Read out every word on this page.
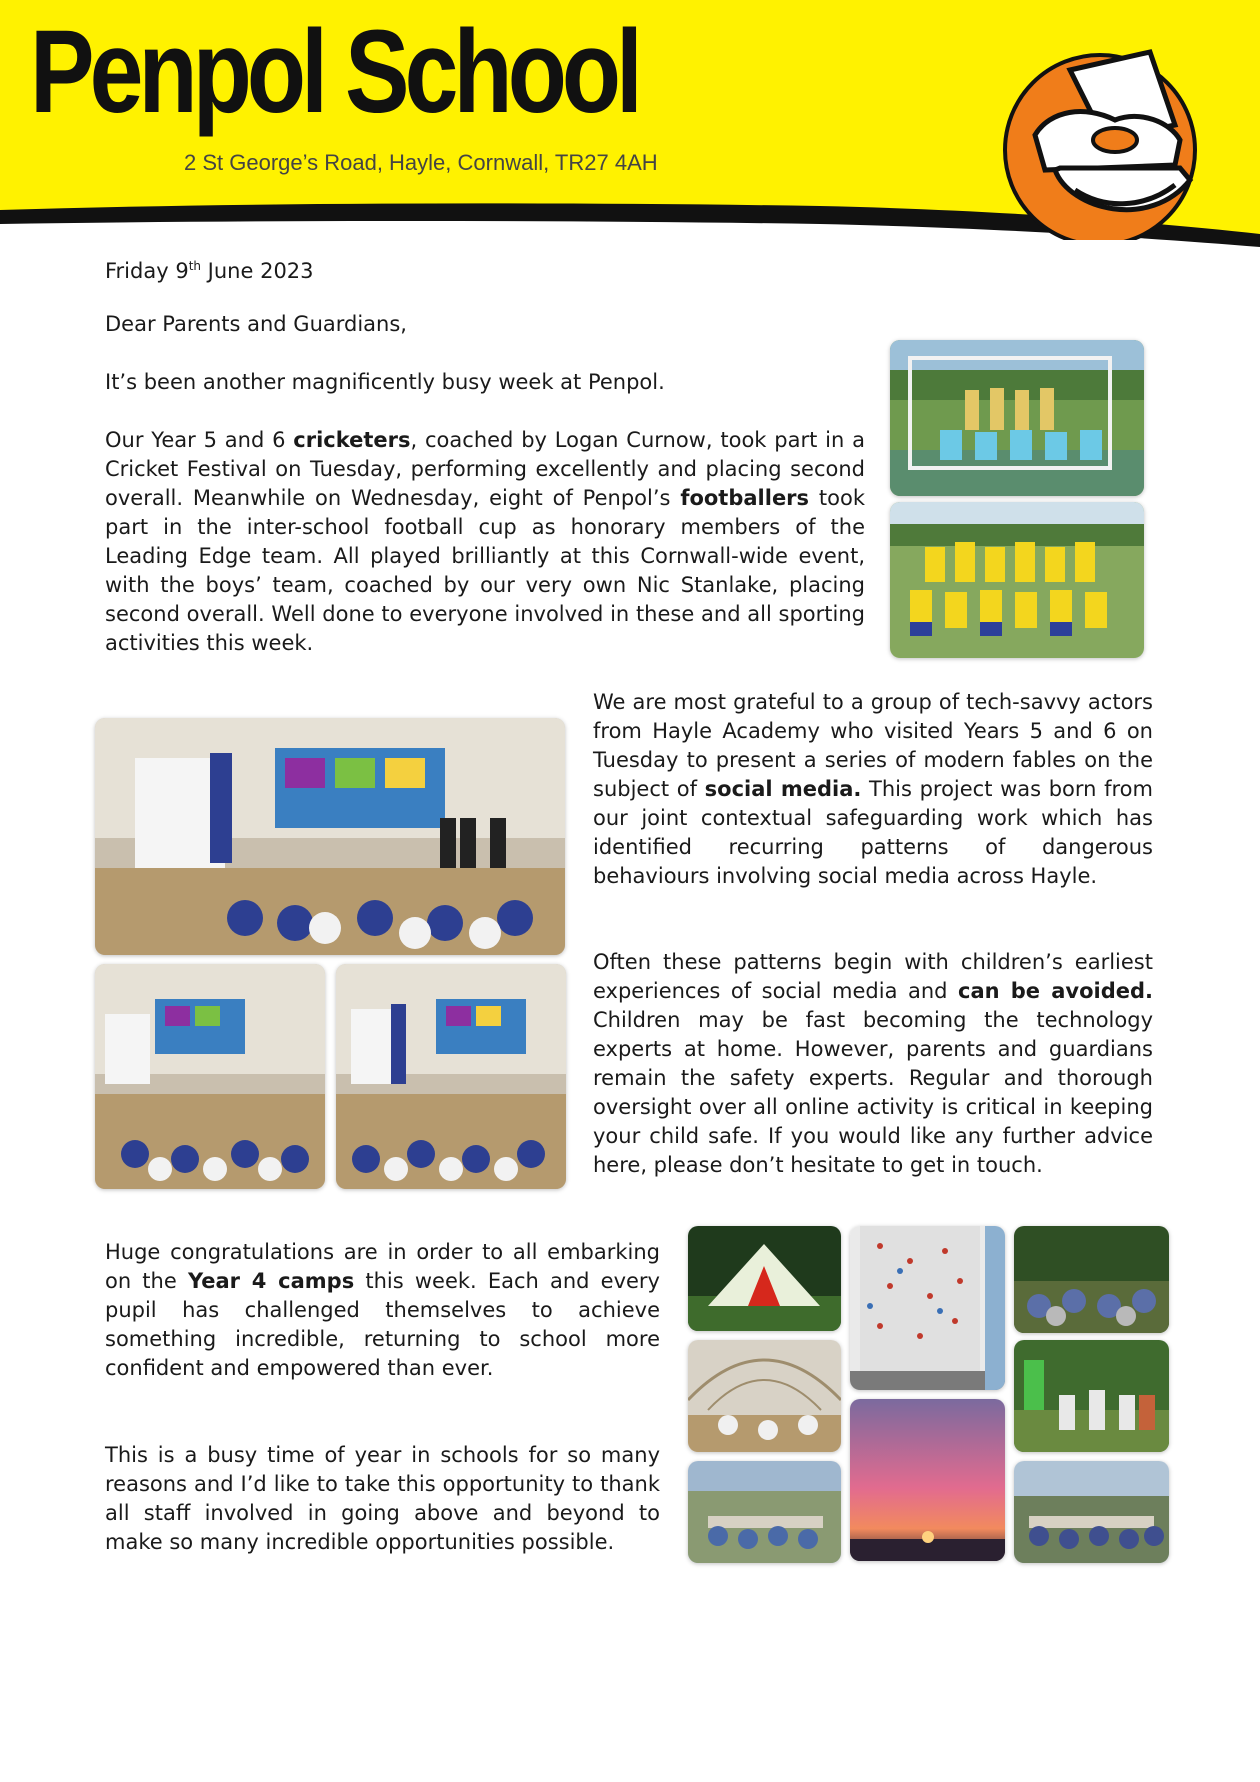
Penpol School
2 St George’s Road, Hayle, Cornwall, TR27 4AH

Friday 9th June 2023

Dear Parents and Guardians,

It’s been another magnificently busy week at Penpol.

Our Year 5 and 6 cricketers, coached by Logan Curnow, took part in a Cricket Festival on Tuesday, performing excellently and placing second overall. Meanwhile on Wednesday, eight of Penpol’s footballers took part in the inter-school football cup as honorary members of the Leading Edge team. All played brilliantly at this Cornwall-wide event, with the boys’ team, coached by our very own Nic Stanlake, placing second overall. Well done to everyone involved in these and all sporting activities this week.

We are most grateful to a group of tech-savvy actors from Hayle Academy who visited Years 5 and 6 on Tuesday to present a series of modern fables on the subject of social media. This project was born from our joint contextual safeguarding work which has identified recurring patterns of dangerous behaviours involving social media across Hayle.

Often these patterns begin with children’s earliest experiences of social media and can be avoided. Children may be fast becoming the technology experts at home. However, parents and guardians remain the safety experts. Regular and thorough oversight over all online activity is critical in keeping your child safe. If you would like any further advice here, please don’t hesitate to get in touch.

Huge congratulations are in order to all embarking on the Year 4 camps this week. Each and every pupil has challenged themselves to achieve something incredible, returning to school more confident and empowered than ever.

This is a busy time of year in schools for so many reasons and I’d like to take this opportunity to thank all staff involved in going above and beyond to make so many incredible opportunities possible.
